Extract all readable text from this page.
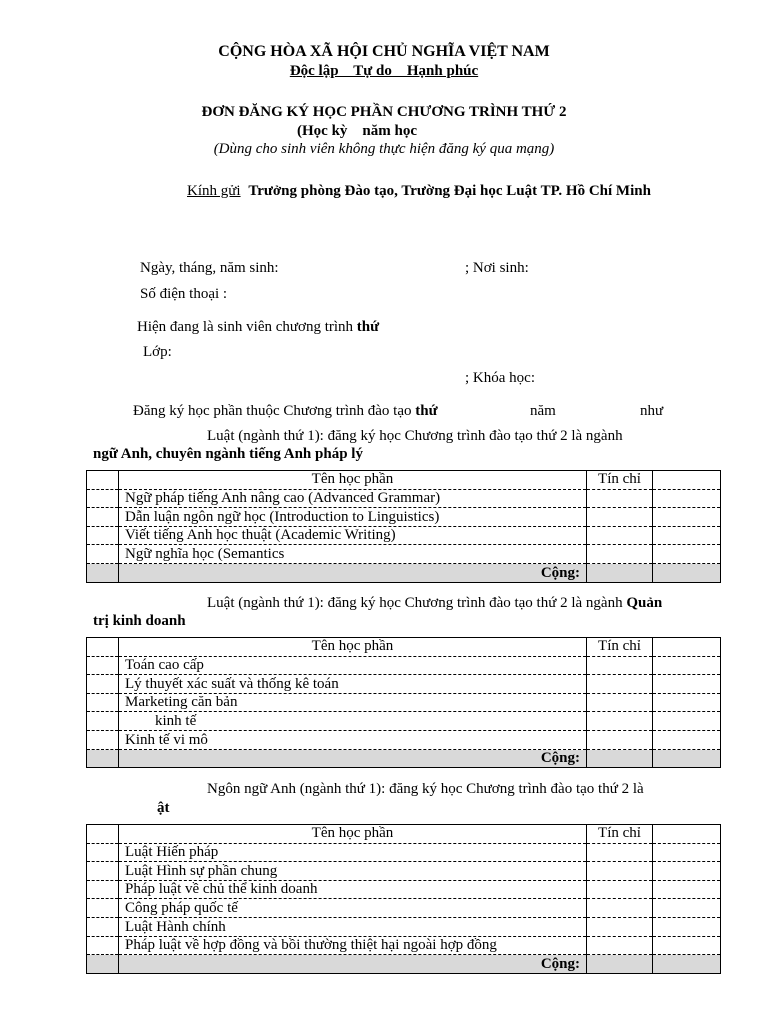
CỘNG HÒA XÃ HỘI CHỦ NGHĨA VIỆT NAM
Độc lập    Tự do    Hạnh phúc
ĐƠN ĐĂNG KÝ HỌC PHẦN CHƯƠNG TRÌNH THỨ 2
(Học kỳ    năm học
(Dùng cho sinh viên không thực hiện đăng ký qua mạng)
Kính gửi Trưởng phòng Đào tạo, Trường Đại học Luật TP. Hồ Chí Minh
Ngày, tháng, năm sinh:	; Nơi sinh:
Số điện thoại :
Hiện đang là sinh viên chương trình thứ
Lớp:
; Khóa học:
Đăng ký học phần thuộc Chương trình đào tạo thứ	năm	như
Luật (ngành thứ 1): đăng ký học Chương trình đào tạo thứ 2 là ngành
ngữ Anh, chuyên ngành tiếng Anh pháp lý
	Tên học phần	Tín chỉ	
	Ngữ pháp tiếng Anh nâng cao (Advanced Grammar)		
	Dẫn luận ngôn ngữ học (Introduction to Linguistics)		
	Viết tiếng Anh học thuật (Academic Writing)		
	Ngữ nghĩa học (Semantics		
	Cộng:		
Luật (ngành thứ 1): đăng ký học Chương trình đào tạo thứ 2 là ngành Quản
trị kinh doanh
	Tên học phần	Tín chỉ	
	Toán cao cấp		
	Lý thuyết xác suất và thống kê toán		
	Marketing căn bản		
	kinh tế		
	Kinh tế vi mô		
	Cộng:		
Ngôn ngữ Anh (ngành thứ 1): đăng ký học Chương trình đào tạo thứ 2 là
ật
	Tên học phần	Tín chỉ	
	Luật Hiến pháp		
	Luật Hình sự phần chung		
	Pháp luật về chủ thể kinh doanh		
	Công pháp quốc tế		
	Luật Hành chính		
	Pháp luật về hợp đồng và bồi thường thiệt hại ngoài hợp đồng		
	Cộng:		
